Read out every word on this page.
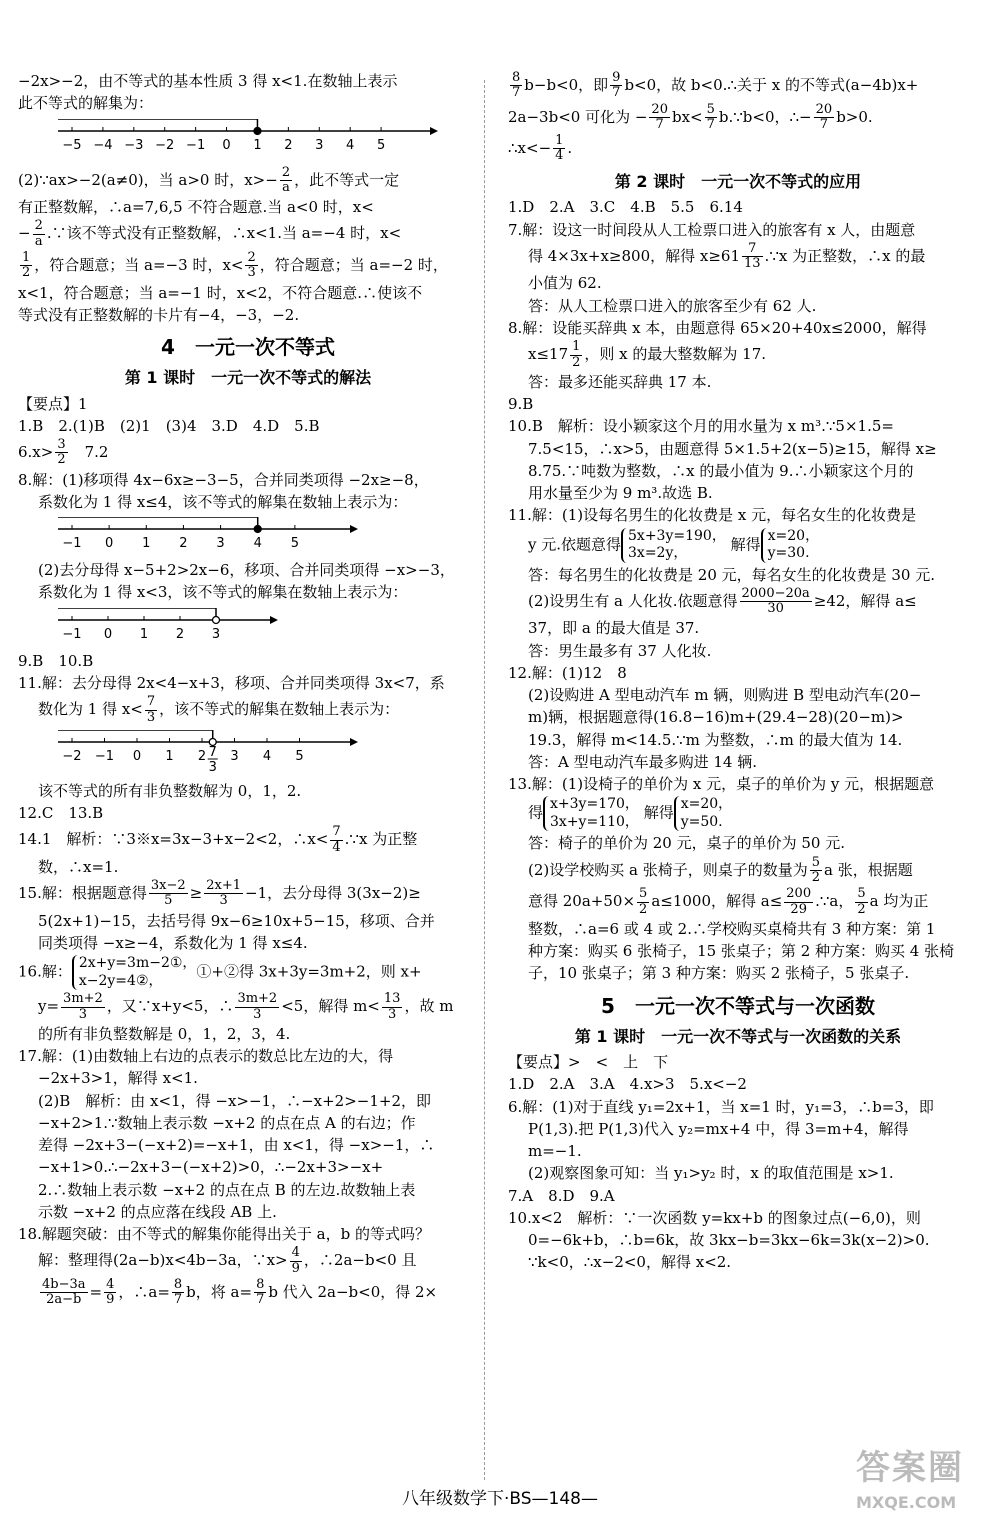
−2x>−2，由不等式的基本性质 3 得 x<1.在数轴上表示

此不等式的解集为：

−5 −4 −3 −2 −1 0 1 2 3 4 5

(2)∵ax>−2(a≠0)，当 a>0 时，$x>- \frac{2}{a}$ ，此不等式一定

有正整数解，∴a=7,6,5 不符合题意.当 a<0 时，x<

− $\frac{2}{a}$ .∵该不等式没有正整数解，∴x<1.当 a=−4 时，x<

$\frac{1}{2}$ ，符合题意；当 a=−3 时，$x< \frac{2}{3}$ ，符合题意；当 a=−2 时，

x<1，符合题意；当 a=−1 时，x<2，不符合题意.∴使该不

等式没有正整数解的卡片有−4，−3，−2.

4　一元一次不等式
第 1 课时　一元一次不等式的解法

【要点】1

1.B　2.(1)B　(2)1　(3)4　3.D　4.D　5.B

$6.x> \frac{3}{2}$ 　7.2

8.解：(1)移项得 4x−6x≥−3−5，合并同类项得 −2x≥−8，

系数化为 1 得 x≤4，该不等式的解集在数轴上表示为：

−1 0 1 2 3 4 5

(2)去分母得 x−5+2>2x−6，移项、合并同类项得 −x>−3，

系数化为 1 得 x<3，该不等式的解集在数轴上表示为：

−1 0 1 2 3

9.B　10.B

11.解：去分母得 2x<4−x+3，移项、合并同类项得 3x<7，系

数化为 1 得 $x< \frac{7}{3}$ ，该不等式的解集在数轴上表示为：

−2 −1 0 1 2 3 4 5
7
3

该不等式的所有非负整数解为 0，1，2.

12.C　13.B

14.1　解析：∵3※x=3x−3+x−2<2，∴x< $\frac{7}{4}$ .∵x 为正整

数，∴x=1.

15.解：根据题意得 $\frac{3x-2}{5} \ge \frac{2x+1}{3} -1$，去分母得 3(3x−2)≥

5(2x+1)−15，去括号得 9x−6≥10x+5−15，移项、合并

同类项得 −x≥−4，系数化为 1 得 x≤4.

16.解： 2x+y=3m−2①，
x−2y=4②， ①+②得 3x+3y=3m+2，则 x+

$y= \frac{3m+2}{3}$ ，又∵x+y<5，∴ $\frac{3m+2}{3} <5$，解得 $m< \frac{13}{3}$ ，故 m

的所有非负整数解是 0，1，2，3，4.

17.解：(1)由数轴上右边的点表示的数总比左边的大，得

−2x+3>1，解得 x<1.

(2)B　解析：由 x<1，得 −x>−1，∴−x+2>−1+2，即

−x+2>1.∵数轴上表示数 −x+2 的点在点 A 的右边；作

差得 −2x+3−(−x+2)=−x+1，由 x<1，得 −x>−1，∴

−x+1>0.∴−2x+3−(−x+2)>0，∴−2x+3>−x+

2.∴数轴上表示数 −x+2 的点在点 B 的左边.故数轴上表

示数 −x+2 的点应落在线段 AB 上.

18.解题突破：由不等式的解集你能得出关于 a，b 的等式吗？

解：整理得(2a−b)x<4b−3a，∵x> $\frac{4}{9}$ ，∴2a−b<0 且

$\frac{4b-3a}{2a-b} = \frac{4}{9}$ ，∴a= $\frac{8}{7}$ b，将 $a= \frac{8}{7}$ b 代入 2a−b<0，得 2×

$\frac{8}{7} b-b<0$，即 $\frac{9}{7} b<0$，故 b<0.∴关于 x 的不等式(a−4b)x+

2a−3b<0 可化为 − $\frac{20}{7} bx< \frac{5}{7}$ b.∵b<0，∴− $\frac{20}{7} b>0$.

∴x<− $\frac{1}{4}$ .

第 2 课时　一元一次不等式的应用

1.D　2.A　3.C　4.B　5.5　6.14

7.解：设这一时间段从人工检票口进入的旅客有 x 人，由题意

得 4×3x+x≥800，解得 $x\ge 61 \frac{7}{13}$ .∵x 为正整数，∴x 的最

小值为 62.

答：从人工检票口进入的旅客至少有 62 人.

8.解：设能买辞典 x 本，由题意得 65×20+40x≤2000，解得

$x\le 17 \frac{1}{2}$ ，则 x 的最大整数解为 17.

答：最多还能买辞典 17 本.

9.B

10.B　解析：设小颖家这个月的用水量为 x m³.∵5×1.5=

7.5<15，∴x>5，由题意得 5×1.5+2(x−5)≥15，解得 x≥

8.75.∵吨数为整数，∴x 的最小值为 9.∴小颖家这个月的

用水量至少为 9 m³.故选 B.

11.解：(1)设每名男生的化妆费是 x 元，每名女生的化妆费是

y 元.依题意得 5x+3y=190，
3x=2y，	解得 x=20，
y=30.

答：每名男生的化妆费是 20 元，每名女生的化妆费是 30 元.

(2)设男生有 a 人化妆.依题意得 $\frac{2000-20a}{30} \ge 42$，解得 a≤

37，即 a 的最大值是 37.

答：男生最多有 37 人化妆.

12.解：(1)12　8

(2)设购进 A 型电动汽车 m 辆，则购进 B 型电动汽车(20−

m)辆，根据题意得(16.8−16)m+(29.4−28)(20−m)>

19.3，解得 m<14.5.∵m 为整数，∴m 的最大值为 14.

答：A 型电动汽车最多购进 14 辆.

13.解：(1)设椅子的单价为 x 元，桌子的单价为 y 元，根据题意

得 x+3y=170，
3x+y=110， 解得 x=20，
y=50.

答：椅子的单价为 20 元，桌子的单价为 50 元.

(2)设学校购买 a 张椅子，则桌子的数量为 $\frac{5}{2}$ a 张，根据题

意得 $20a+50\times \frac{5}{2} a\le 1000$，解得 $a\le \frac{200}{29}$ .∵a， $\frac{5}{2}$ a 均为正

整数，∴a=6 或 4 或 2.∴学校购买桌椅共有 3 种方案：第 1

种方案：购买 6 张椅子，15 张桌子；第 2 种方案：购买 4 张椅

子，10 张桌子；第 3 种方案：购买 2 张椅子，5 张桌子.

5　一元一次不等式与一次函数
第 1 课时　一元一次不等式与一次函数的关系

【要点】>　<　上　下

1.D　2.A　3.A　4.x>3　5.x<−2

6.解：(1)对于直线 y₁=2x+1，当 x=1 时，y₁=3，∴b=3，即

P(1,3).把 P(1,3)代入 y₂=mx+4 中，得 3=m+4，解得

m=−1.

(2)观察图象可知：当 y₁>y₂ 时，x 的取值范围是 x>1.

7.A　8.D　9.A

10.x<2　解析：∵一次函数 y=kx+b 的图象过点(−6,0)，则

0=−6k+b，∴b=6k，故 3kx−b=3kx−6k=3k(x−2)>0.

∵k<0，∴x−2<0，解得 x<2.

八年级数学下·BS—148—
答案圈
MXQE.COM
